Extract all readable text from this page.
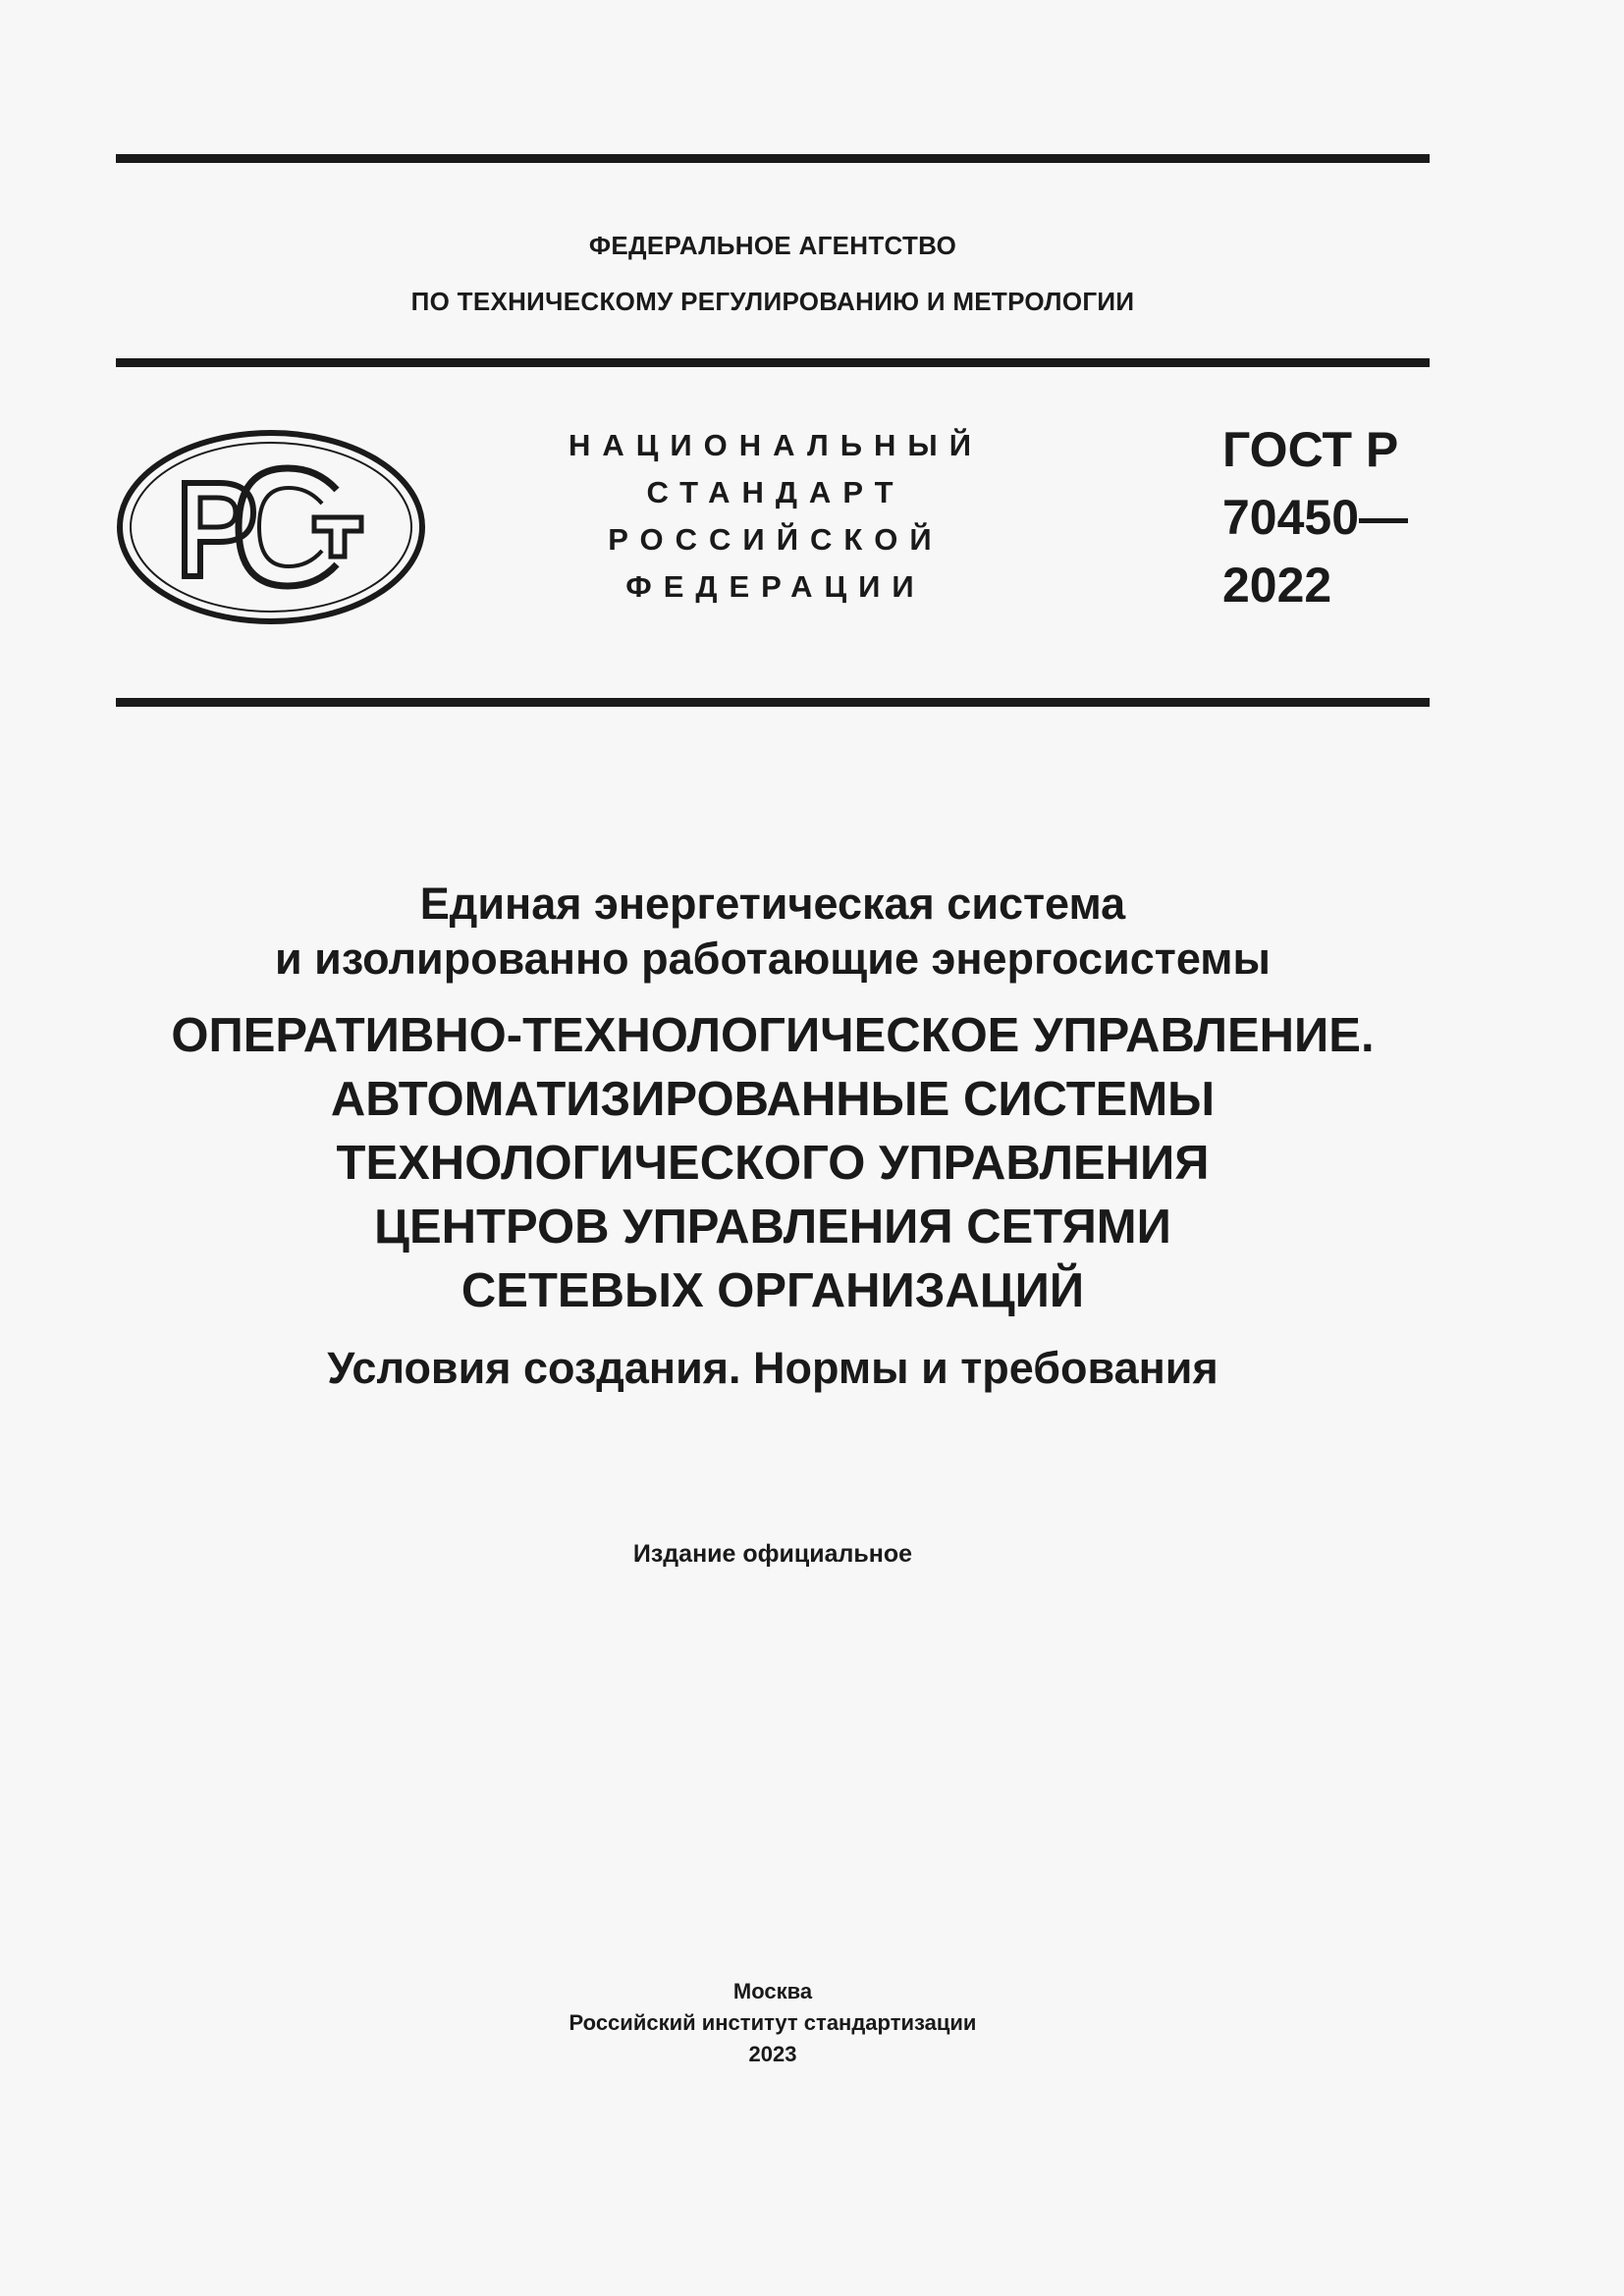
ФЕДЕРАЛЬНОЕ АГЕНТСТВО
ПО ТЕХНИЧЕСКОМУ РЕГУЛИРОВАНИЮ И МЕТРОЛОГИИ
НАЦИОНАЛЬНЫЙ
СТАНДАРТ
РОССИЙСКОЙ
ФЕДЕРАЦИИ
ГОСТ Р
70450—
2022
Единая энергетическая система
и изолированно работающие энергосистемы
ОПЕРАТИВНО-ТЕХНОЛОГИЧЕСКОЕ УПРАВЛЕНИЕ.
АВТОМАТИЗИРОВАННЫЕ СИСТЕМЫ
ТЕХНОЛОГИЧЕСКОГО УПРАВЛЕНИЯ
ЦЕНТРОВ УПРАВЛЕНИЯ СЕТЯМИ
СЕТЕВЫХ ОРГАНИЗАЦИЙ
Условия создания. Нормы и требования
Издание официальное
Москва
Российский институт стандартизации
2023
